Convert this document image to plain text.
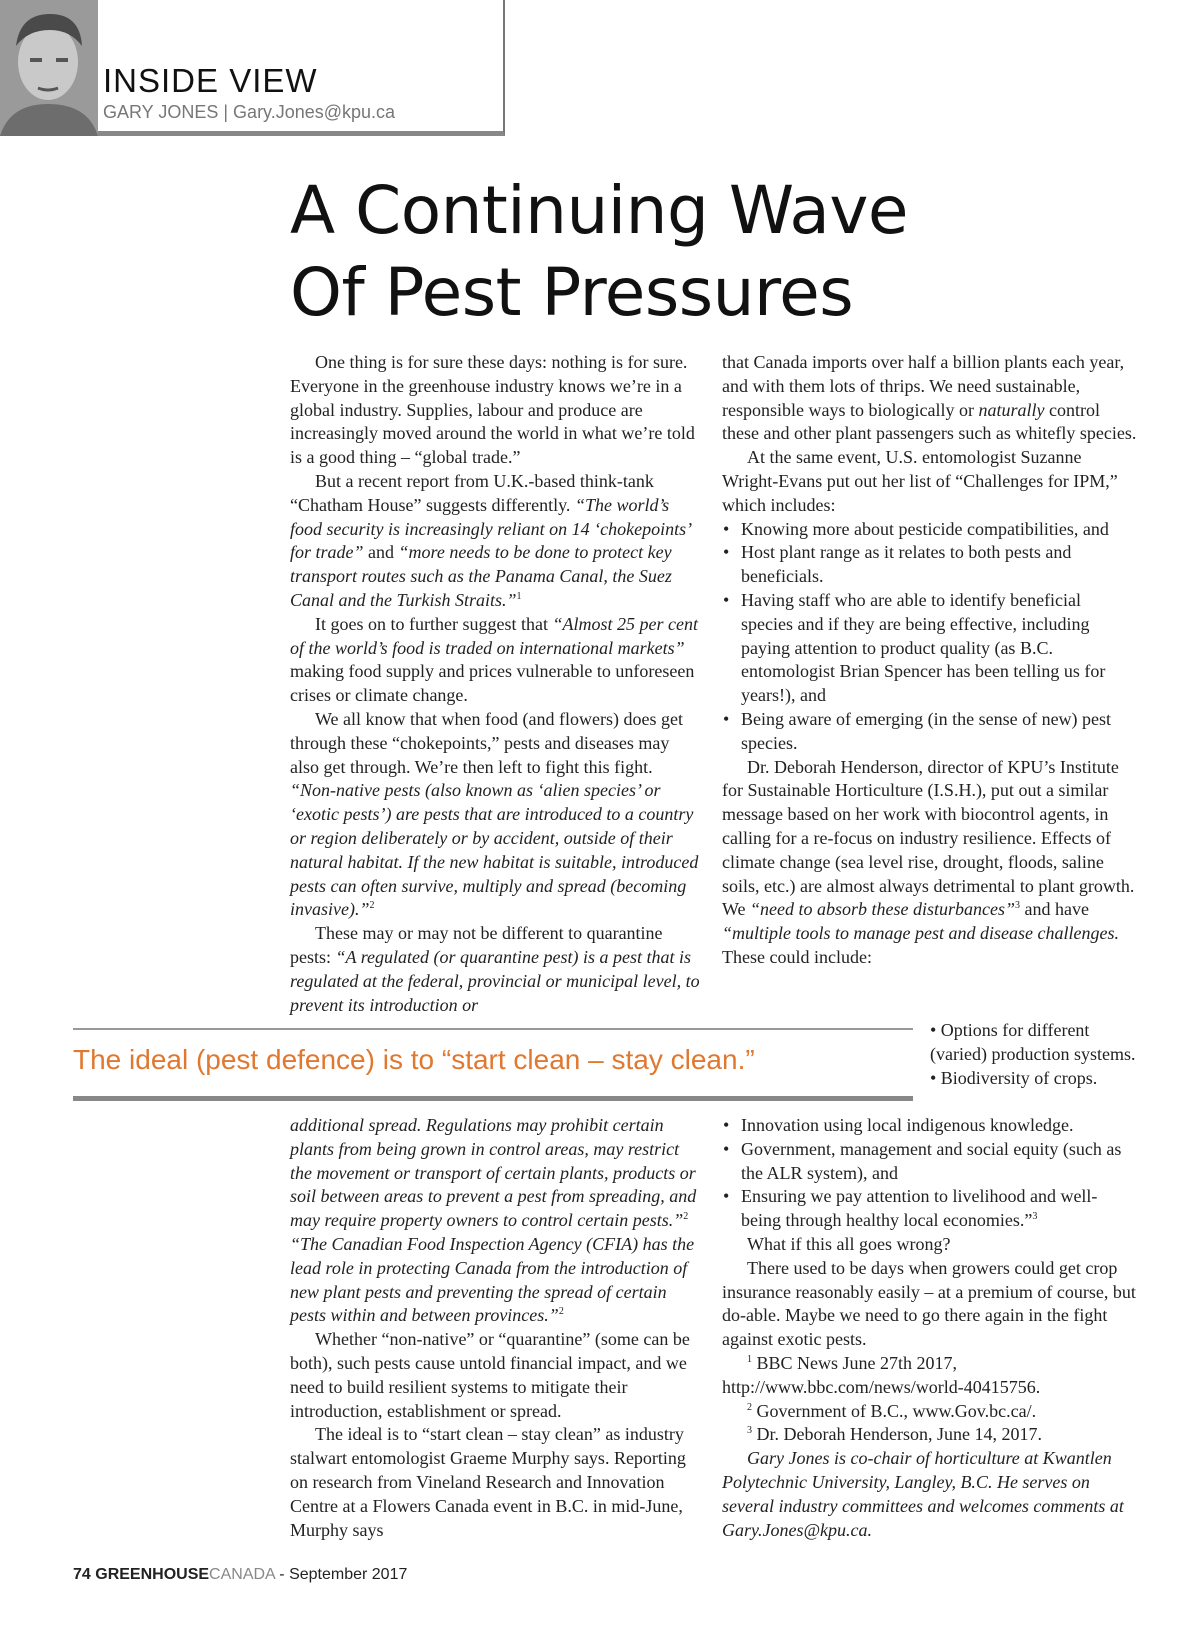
INSIDE VIEW
GARY JONES | Gary.Jones@kpu.ca
A Continuing Wave
Of Pest Pressures

One thing is for sure these days: nothing is for sure. Everyone in the greenhouse industry knows we’re in a global industry. Supplies, labour and produce are increasingly moved around the world in what we’re told is a good thing – “global trade.”

But a recent report from U.K.-based think-tank “Chatham House” suggests differently. “The world’s food security is increasingly reliant on 14 ‘chokepoints’ for trade” and “more needs to be done to protect key transport routes such as the Panama Canal, the Suez Canal and the Turkish Straits.”$^1$

It goes on to further suggest that “Almost 25 per cent of the world’s food is traded on international markets” making food supply and prices vulnerable to unforeseen crises or climate change.

We all know that when food (and flowers) does get through these “chokepoints,” pests and diseases may also get through. We’re then left to fight this fight. “Non-native pests (also known as ‘alien species’ or ‘exotic pests’) are pests that are introduced to a country or region deliberately or by accident, outside of their natural habitat. If the new habitat is suitable, introduced pests can often survive, multiply and spread (becoming invasive).”$^2$

These may or may not be different to quarantine pests: “A regulated (or quarantine pest) is a pest that is regulated at the federal, provincial or municipal level, to prevent its introduction or

that Canada imports over half a billion plants each year, and with them lots of thrips. We need sustainable, responsible ways to biologically or naturally control these and other plant passengers such as whitefly species.

At the same event, U.S. entomologist Suzanne Wright-Evans put out her list of “Challenges for IPM,” which includes:

• Knowing more about pesticide compatibilities, and
• Host plant range as it relates to both pests and beneficials.
• Having staff who are able to identify beneficial species and if they are being effective, including paying attention to product quality (as B.C. entomologist Brian Spencer has been telling us for years!), and
• Being aware of emerging (in the sense of new) pest species.

Dr. Deborah Henderson, director of KPU’s Institute for Sustainable Horticulture (I.S.H.), put out a similar message based on her work with biocontrol agents, in calling for a re-focus on industry resilience. Effects of climate change (sea level rise, drought, floods, saline soils, etc.) are almost always detrimental to plant growth. We “need to absorb these disturbances”$^3$ and have “multiple tools to manage pest and disease challenges. These could include:

The ideal (pest defence) is to “start clean – stay clean.”
• Options for different (varied) production systems.
• Biodiversity of crops.

additional spread. Regulations may prohibit certain plants from being grown in control areas, may restrict the movement or transport of certain plants, products or soil between areas to prevent a pest from spreading, and may require property owners to control certain pests.”$^2$ “The Canadian Food Inspection Agency (CFIA) has the lead role in protecting Canada from the introduction of new plant pests and preventing the spread of certain pests within and between provinces.”$^2$

Whether “non-native” or “quarantine” (some can be both), such pests cause untold financial impact, and we need to build resilient systems to mitigate their introduction, establishment or spread.

The ideal is to “start clean – stay clean” as industry stalwart entomologist Graeme Murphy says. Reporting on research from Vineland Research and Innovation Centre at a Flowers Canada event in B.C. in mid-June, Murphy says

• Innovation using local indigenous knowledge.
• Government, management and social equity (such as the ALR system), and
• Ensuring we pay attention to livelihood and well-being through healthy local economies.”$^3$

What if this all goes wrong?

There used to be days when growers could get crop insurance reasonably easily – at a premium of course, but do-able. Maybe we need to go there again in the fight against exotic pests.

$^1$ BBC News June 27th 2017, http://www.bbc.com/news/world-40415756.

$^2$ Government of B.C., www.Gov.bc.ca/.

$^3$ Dr. Deborah Henderson, June 14, 2017.

Gary Jones is co-chair of horticulture at Kwantlen Polytechnic University, Langley, B.C. He serves on several industry committees and welcomes comments at Gary.Jones@kpu.ca.

74 GREENHOUSECANADA - September 2017
